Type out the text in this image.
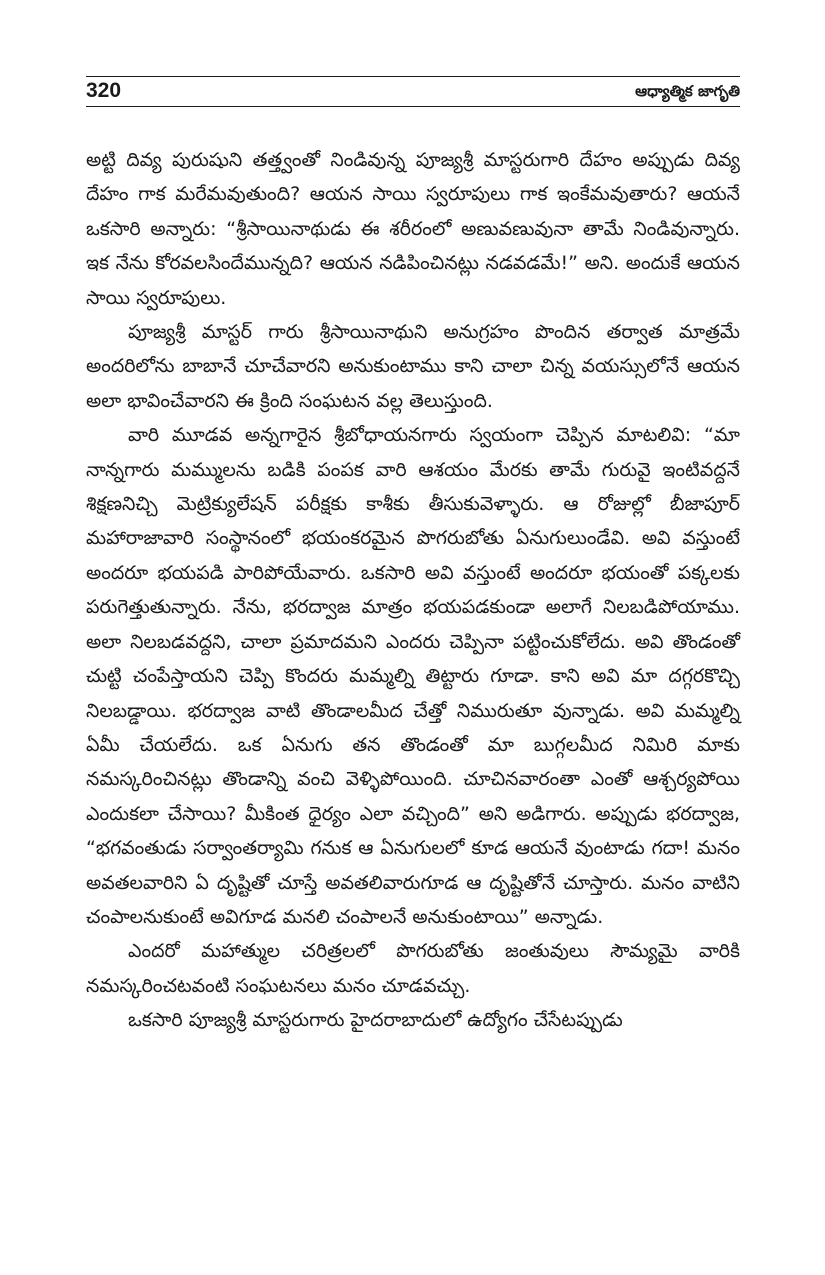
320	ఆధ్యాత్మిక జాగృతి

అట్టి దివ్య పురుషుని తత్త్వంతో నిండివున్న పూజ్యశ్రీ మాస్టరుగారి దేహం అప్పుడు దివ్య దేహం గాక మరేమవుతుంది? ఆయన సాయి స్వరూపులు గాక ఇంకేమవుతారు? ఆయనే ఒకసారి అన్నారు: “శ్రీసాయినాథుడు ఈ శరీరంలో అణువణువునా తామే నిండివున్నారు. ఇక నేను కోరవలసిందేమున్నది? ఆయన నడిపించినట్లు నడవడమే!” అని. అందుకే ఆయన సాయి స్వరూపులు.

పూజ్యశ్రీ మాస్టర్ గారు శ్రీసాయినాథుని అనుగ్రహం పొందిన తర్వాత మాత్రమే అందరిలోను బాబానే చూచేవారని అనుకుంటాము కాని చాలా చిన్న వయస్సులోనే ఆయన అలా భావించేవారని ఈ క్రింది సంఘటన వల్ల తెలుస్తుంది.

వారి మూడవ అన్నగారైన శ్రీబోధాయనగారు స్వయంగా చెప్పిన మాటలివి: “మా నాన్నగారు మమ్ములను బడికి పంపక వారి ఆశయం మేరకు తామే గురువై ఇంటివద్దనే శిక్షణనిచ్చి మెట్రిక్యులేషన్ పరీక్షకు కాశీకు తీసుకువెళ్ళారు. ఆ రోజుల్లో బీజాపూర్ మహారాజావారి సంస్థానంలో భయంకరమైన పొగరుబోతు ఏనుగులుండేవి. అవి వస్తుంటే అందరూ భయపడి పారిపోయేవారు. ఒకసారి అవి వస్తుంటే అందరూ భయంతో పక్కలకు పరుగెత్తుతున్నారు. నేను, భరద్వాజ మాత్రం భయపడకుండా అలాగే నిలబడిపోయాము. అలా నిలబడవద్దని, చాలా ప్రమాదమని ఎందరు చెప్పినా పట్టించుకోలేదు. అవి తొండంతో చుట్టి చంపేస్తాయని చెప్పి కొందరు మమ్మల్ని తిట్టారు గూడా. కాని అవి మా దగ్గరకొచ్చి నిలబడ్డాయి. భరద్వాజ వాటి తొండాలమీద చేత్తో నిమురుతూ వున్నాడు. అవి మమ్మల్ని ఏమీ చేయలేదు. ఒక ఏనుగు తన తొండంతో మా బుగ్గలమీద నిమిరి మాకు నమస్కరించినట్లు తొండాన్ని వంచి వెళ్ళిపోయింది. చూచినవారంతా ఎంతో ఆశ్చర్యపోయి ఎందుకలా చేసాయి? మీకింత ధైర్యం ఎలా వచ్చింది” అని అడిగారు. అప్పుడు భరద్వాజ, “భగవంతుడు సర్వాంతర్యామి గనుక ఆ ఏనుగులలో కూడ ఆయనే వుంటాడు గదా! మనం అవతలవారిని ఏ దృష్టితో చూస్తే అవతలివారుగూడ ఆ దృష్టితోనే చూస్తారు. మనం వాటిని చంపాలనుకుంటే అవిగూడ మనలి చంపాలనే అనుకుంటాయి” అన్నాడు.

ఎందరో మహాత్ముల చరిత్రలలో పొగరుబోతు జంతువులు సౌమ్యమై వారికి నమస్కరించటవంటి సంఘటనలు మనం చూడవచ్చు.

ఒకసారి పూజ్యశ్రీ మాస్టరుగారు హైదరాబాదులో ఉద్యోగం చేసేటప్పుడు
